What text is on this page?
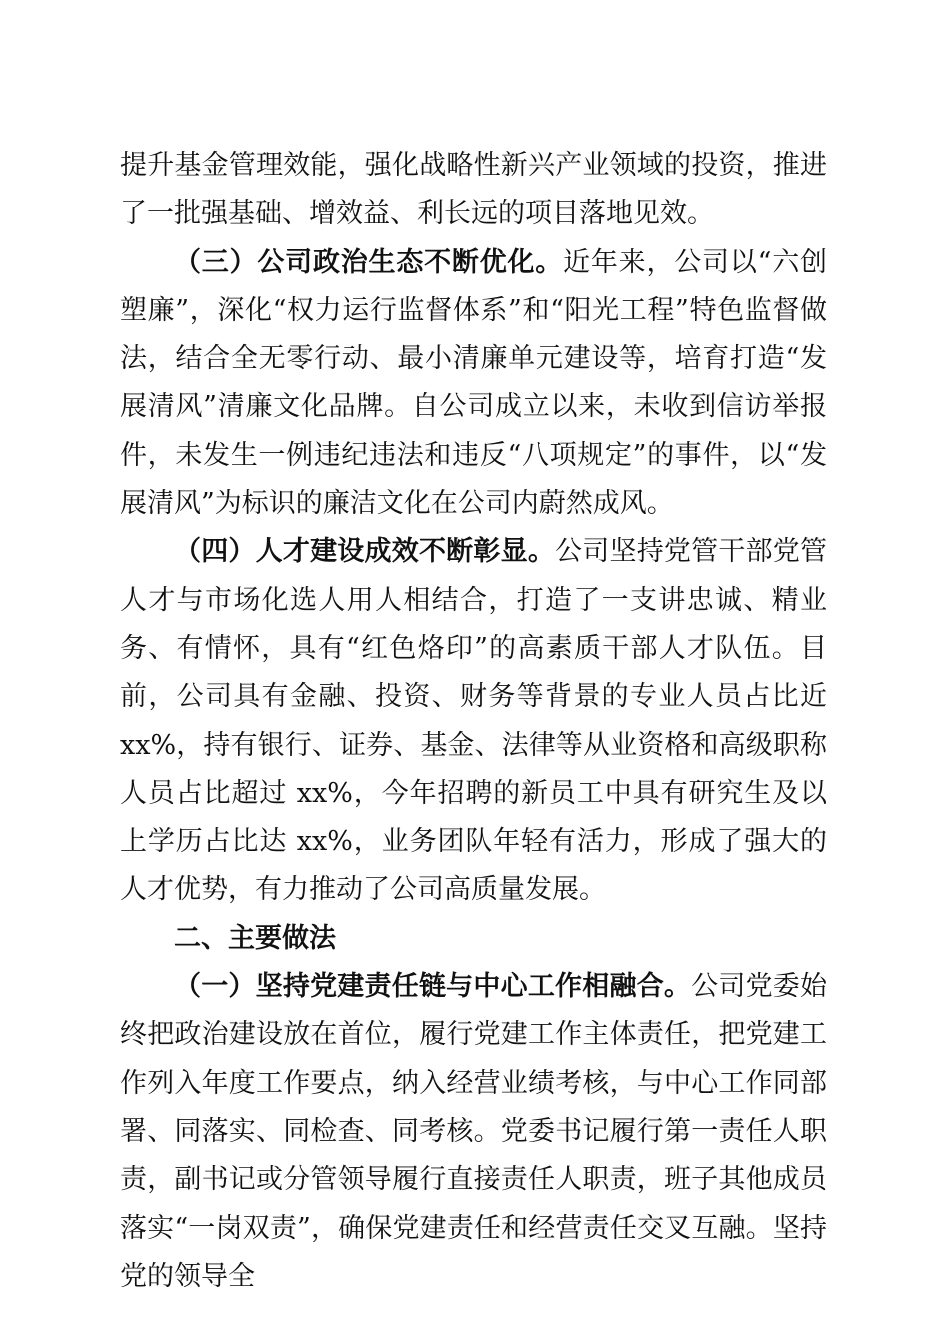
提升基金管理效能，强化战略性新兴产业领域的投资，推进了一批强基础、增效益、利长远的项目落地见效。

（三）公司政治生态不断优化。近年来，公司以“六创塑廉”，深化“权力运行监督体系”和“阳光工程”特色监督做法，结合全无零行动、最小清廉单元建设等，培育打造“发展清风”清廉文化品牌。自公司成立以来，未收到信访举报件，未发生一例违纪违法和违反“八项规定”的事件，以“发展清风”为标识的廉洁文化在公司内蔚然成风。

（四）人才建设成效不断彰显。公司坚持党管干部党管人才与市场化选人用人相结合，打造了一支讲忠诚、精业务、有情怀，具有“红色烙印”的高素质干部人才队伍。目前，公司具有金融、投资、财务等背景的专业人员占比近 xx%，持有银行、证券、基金、法律等从业资格和高级职称人员占比超过 xx%，今年招聘的新员工中具有研究生及以上学历占比达 xx%，业务团队年轻有活力，形成了强大的人才优势，有力推动了公司高质量发展。

二、主要做法

（一）坚持党建责任链与中心工作相融合。公司党委始终把政治建设放在首位，履行党建工作主体责任，把党建工作列入年度工作要点，纳入经营业绩考核，与中心工作同部署、同落实、同检查、同考核。党委书记履行第一责任人职责，副书记或分管领导履行直接责任人职责，班子其他成员落实“一岗双责”，确保党建责任和经营责任交叉互融。坚持党的领导全
